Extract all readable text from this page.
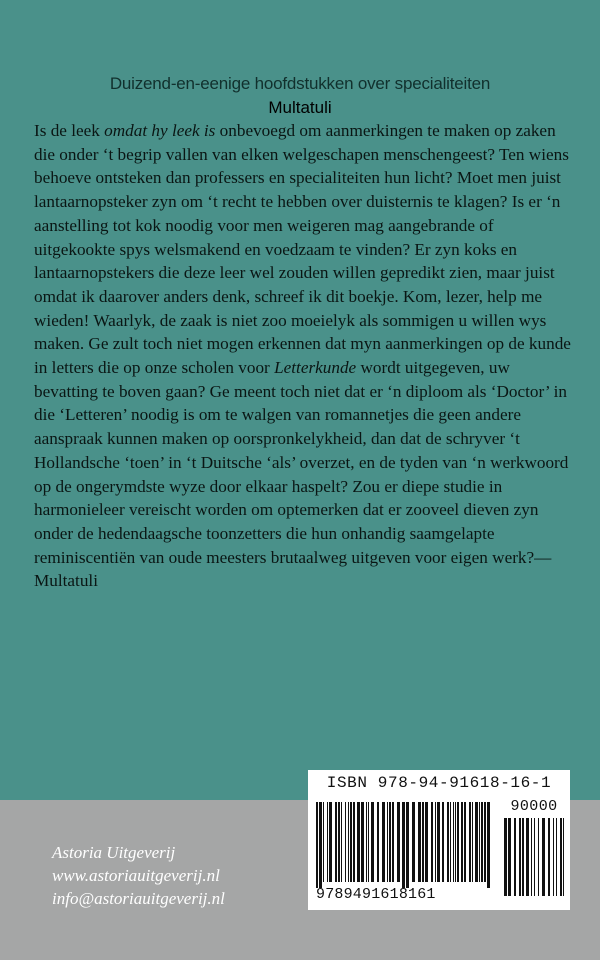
Duizend-en-eenige hoofdstukken over specialiteiten
Multatuli

Is de leek omdat hy leek is onbevoegd om aanmerkingen te maken op zaken die onder ‘t begrip vallen van elken welgeschapen menschengeest? Ten wiens behoeve ontsteken dan professers en specialiteiten hun licht? Moet men juist lantaarnopsteker zyn om ‘t recht te hebben over duisternis te klagen? Is er ‘n aanstelling tot kok noodig voor men weigeren mag aangebrande of uitgekookte spys welsmakend en voedzaam te vinden? Er zyn koks en lantaarnopstekers die deze leer wel zouden willen gepredikt zien, maar juist omdat ik daarover anders denk, schreef ik dit boekje. Kom, lezer, help me wieden! Waarlyk, de zaak is niet zoo moeielyk als sommigen u willen wys maken. Ge zult toch niet mogen erkennen dat myn aanmerkingen op de kunde in letters die op onze scholen voor Letterkunde wordt uitgegeven, uw bevatting te boven gaan? Ge meent toch niet dat er ‘n diploom als ‘Doctor’ in die ‘Letteren’ noodig is om te walgen van romannetjes die geen andere aanspraak kunnen maken op oorspronkelykheid, dan dat de schryver ‘t Hollandsche ‘toen’ in ‘t Duitsche ‘als’ overzet, en de tyden van ‘n werkwoord op de ongerymdste wyze door elkaar haspelt? Zou er diepe studie in harmonieleer vereischt worden om optemerken dat er zooveel dieven zyn onder de hedendaagsche toonzetters die hun onhandig saamgelapte reminiscentiën van oude meesters brutaalweg uitgeven voor eigen werk?—Multatuli

ISBN 978-94-91618-16-1
9789491618161
90000
Astoria Uitgeverij
www.astoriauitgeverij.nl
info@astoriauitgeverij.nl
